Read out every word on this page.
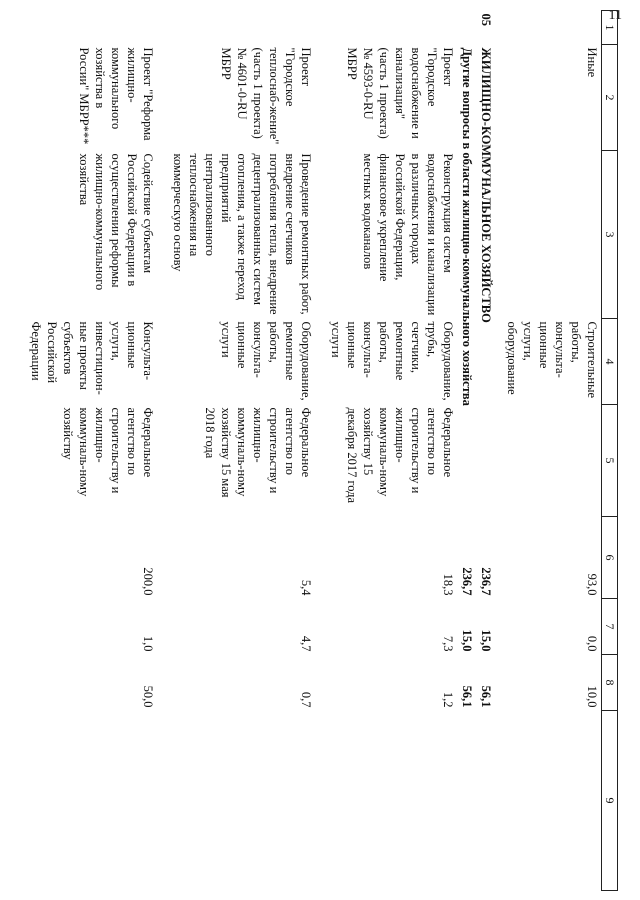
11
1	2	3	4	5	6	7	8	9
	Иные		Строительные работы, консульта-ционные услуги, оборудование		93,0	0,0	10,0	
05	ЖИЛИЩНО-КОММУНАЛЬНОЕ ХОЗЯЙСТВО				236,7	15,0	56,1	
	Другие вопросы в области жилищно-коммунального хозяйства				236,7	15,0	56,1	
	Проект "Городское водоснабжение и канализация" (часть 1 проекта) № 4593-0-RU МБРР	Реконструкция систем водоснабжения и канализации в различных городах Российской Федерации, финансовое укрепление местных водоканалов	Оборудование, трубы, счетчики, ремонтные работы, консульта-ционные услуги	Федеральное агентство по строительству и жилищно-коммуналь-ному хозяйству 15 декабря 2017 года	18,3	7,3	1,2	

	Проект "Городское теплоснаб-жение" (часть 1 проекта) № 4601-0-RU МБРР	Проведение ремонтных работ, внедрение счетчиков потребления тепла, внедрение децентрализованных систем отопления, а также переход предприятий централизованного теплоснабжения на коммерческую основу	Оборудование, ремонтные работы, консульта-ционные услуги	Федеральное агентство по строительству и жилищно-коммуналь-ному хозяйству 15 мая 2018 года	5,4	4,7	0,7	

	Проект "Реформа жилищно-коммунального хозяйства в России" МБРР***	Содействие субъектам Российской Федерации в осуществлении реформы жилищно-коммунального хозяйства	Консульта-ционные услуги, инвестицион-ные проекты субъектов Российской Федерации	Федеральное агентство по строительству и жилищно-коммуналь-ному хозяйству	200,0	1,0	50,0	
